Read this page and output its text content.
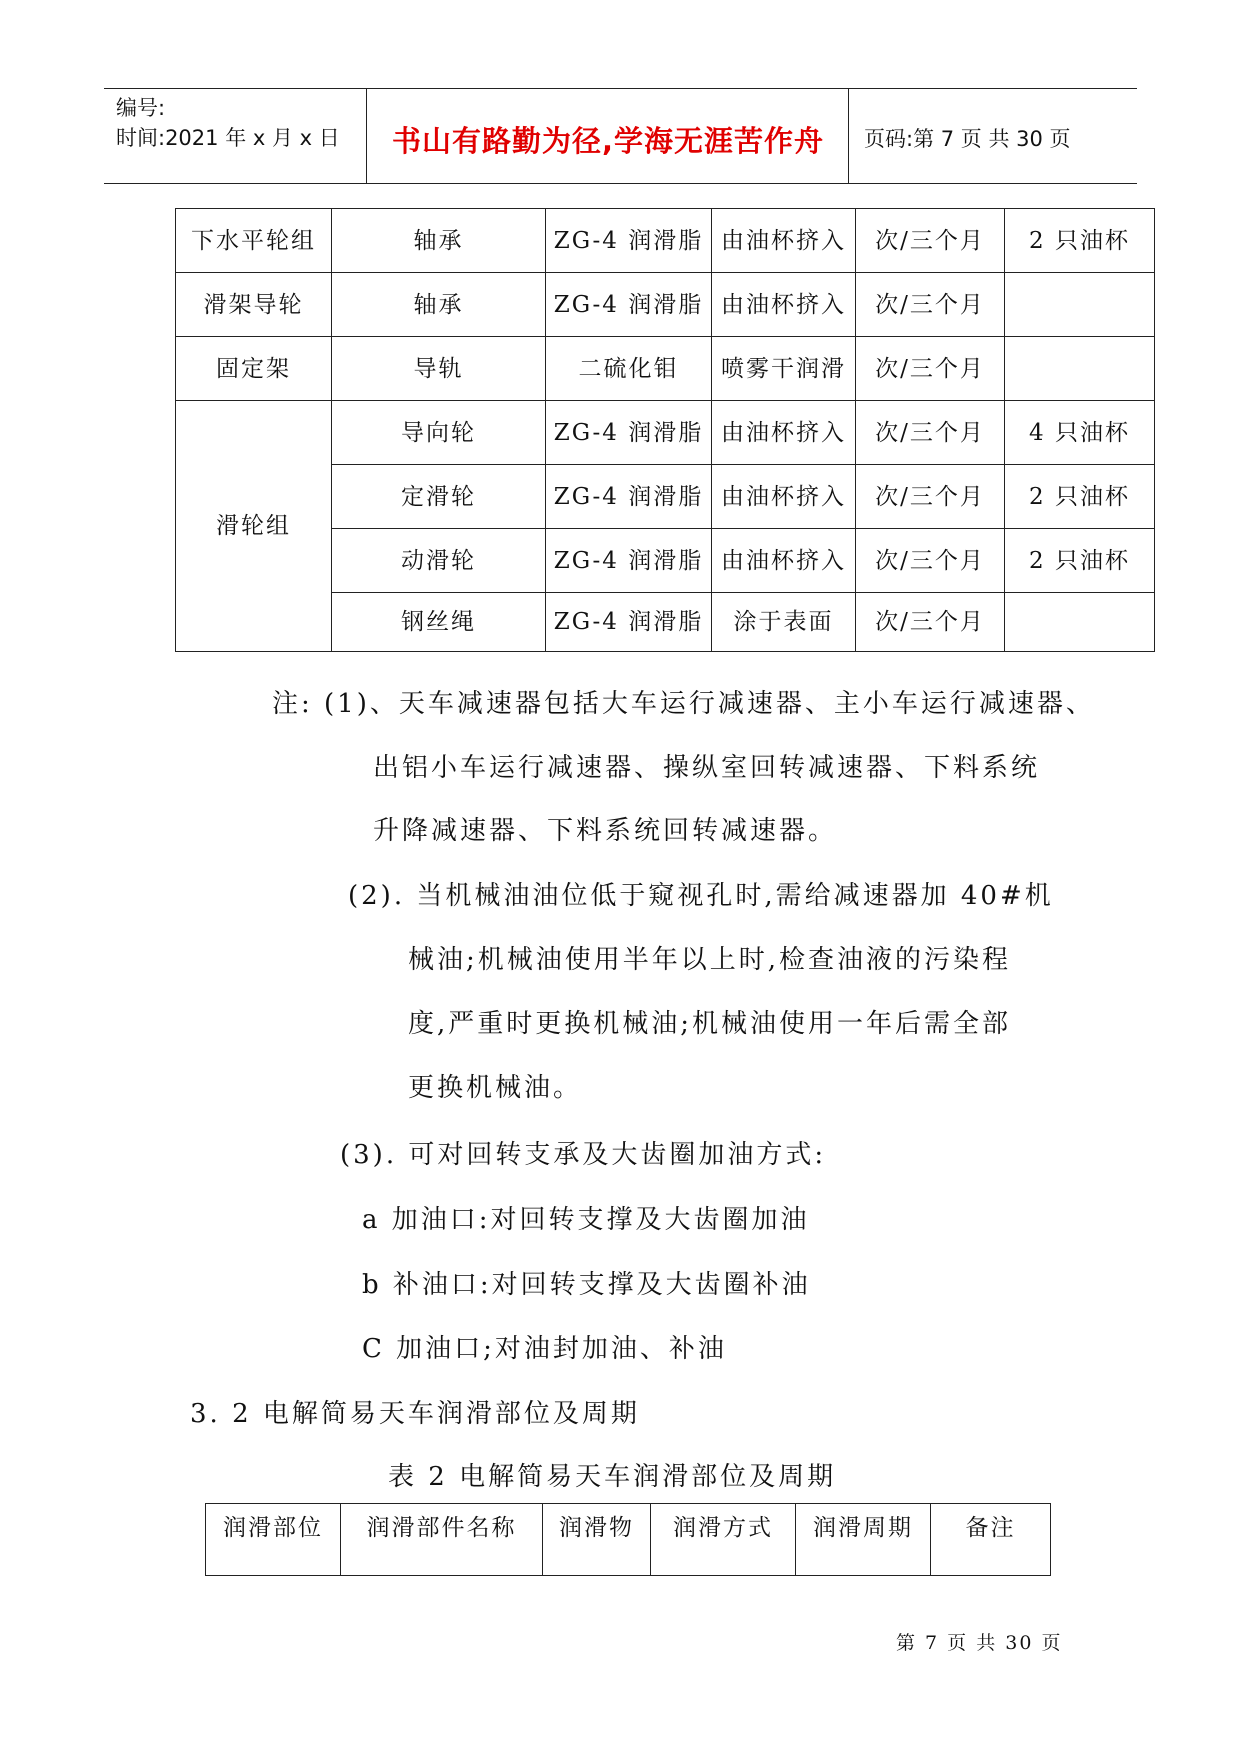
编号:
时间:2021 年 x 月 x 日	书山有路勤为径,学海无涯苦作舟	页码:第 7 页 共 30 页
下水平轮组	轴承	ZG-4 润滑脂	由油杯挤入	次/三个月	2 只油杯
滑架导轮	轴承	ZG-4 润滑脂	由油杯挤入	次/三个月	
固定架	导轨	二硫化钼	喷雾干润滑	次/三个月	
滑轮组	导向轮	ZG-4 润滑脂	由油杯挤入	次/三个月	4 只油杯
	定滑轮	ZG-4 润滑脂	由油杯挤入	次/三个月	2 只油杯
	动滑轮	ZG-4 润滑脂	由油杯挤入	次/三个月	2 只油杯
	钢丝绳	ZG-4 润滑脂	涂于表面	次/三个月	
注: (1)、天车减速器包括大车运行减速器、主小车运行减速器、
出铝小车运行减速器、操纵室回转减速器、下料系统
升降减速器、下料系统回转减速器。
(2). 当机械油油位低于窥视孔时,需给减速器加 40#机
械油;机械油使用半年以上时,检查油液的污染程
度,严重时更换机械油;机械油使用一年后需全部
更换机械油。
(3). 可对回转支承及大齿圈加油方式:
a 加油口:对回转支撑及大齿圈加油
b 补油口:对回转支撑及大齿圈补油
C 加油口;对油封加油、补油
3. 2 电解简易天车润滑部位及周期
表 2 电解简易天车润滑部位及周期
润滑部位	润滑部件名称	润滑物	润滑方式	润滑周期	备注
第 7 页 共 30 页
